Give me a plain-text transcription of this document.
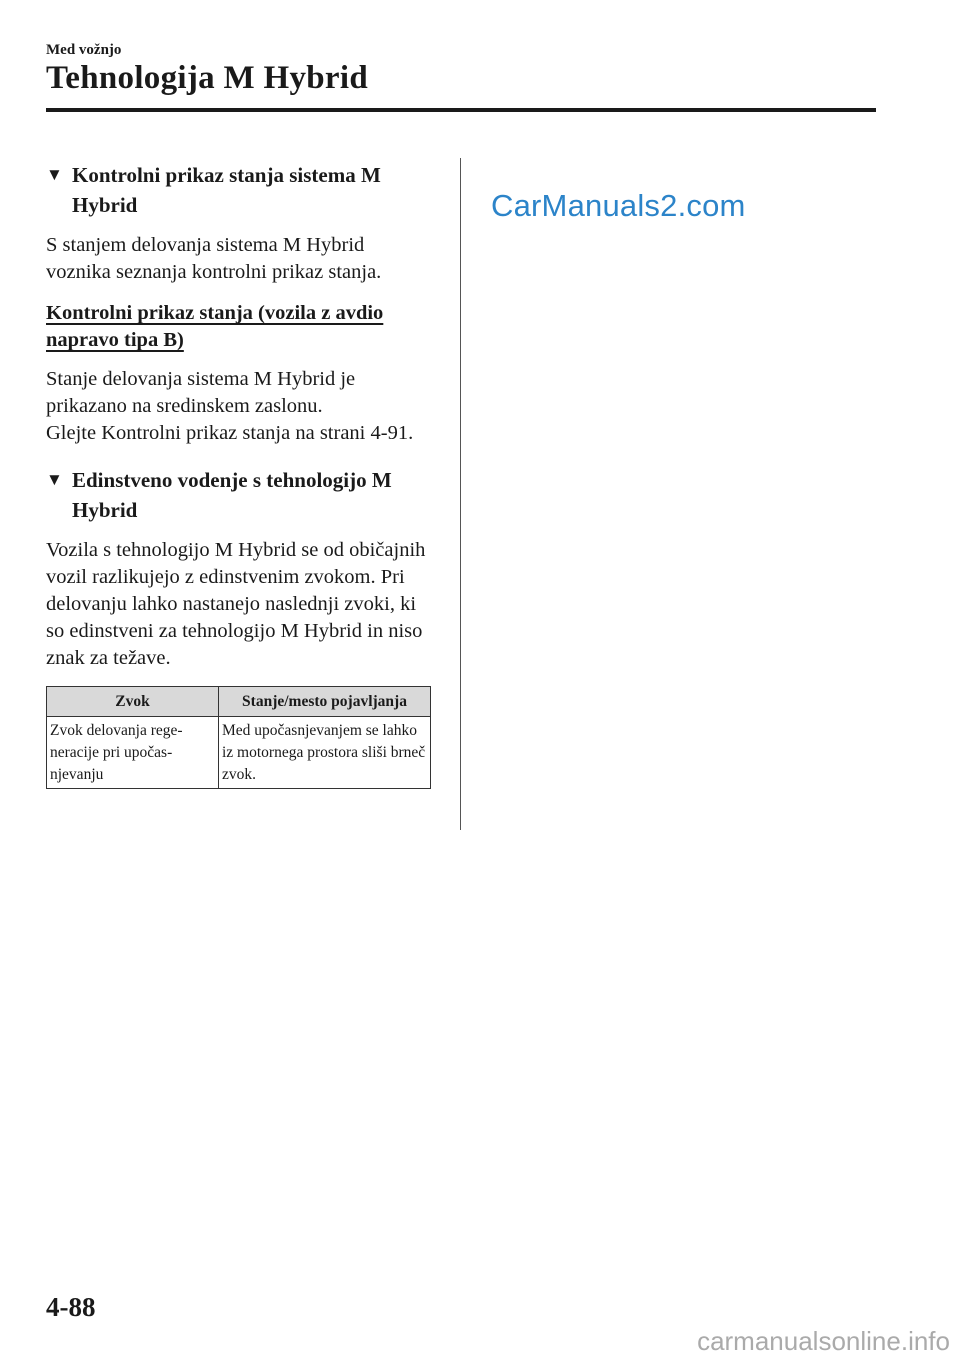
Med vožnjo
Tehnologija M Hybrid
▼ Kontrolni prikaz stanja sistema M Hybrid

S stanjem delovanja sistema M Hybrid voznika seznanja kontrolni prikaz stanja.

Kontrolni prikaz stanja (vozila z avdio napravo tipa B)

Stanje delovanja sistema M Hybrid je prikazano na sredinskem zaslonu.
Glejte Kontrolni prikaz stanja na strani 4-91.

▼ Edinstveno vodenje s tehnologijo M Hybrid

Vozila s tehnologijo M Hybrid se od običajnih vozil razlikujejo z edinstvenim zvokom. Pri delovanju lahko nastanejo naslednji zvoki, ki so edinstveni za tehnologijo M Hybrid in niso znak za težave.

Zvok	Stanje/mesto pojavljanja
Zvok delovanja regeneracije pri upočasnjevanju	Med upočasnjevanjem se lahko iz motornega prostora sliši brneč zvok.
CarManuals2.com
4-88
carmanualsonline.info
